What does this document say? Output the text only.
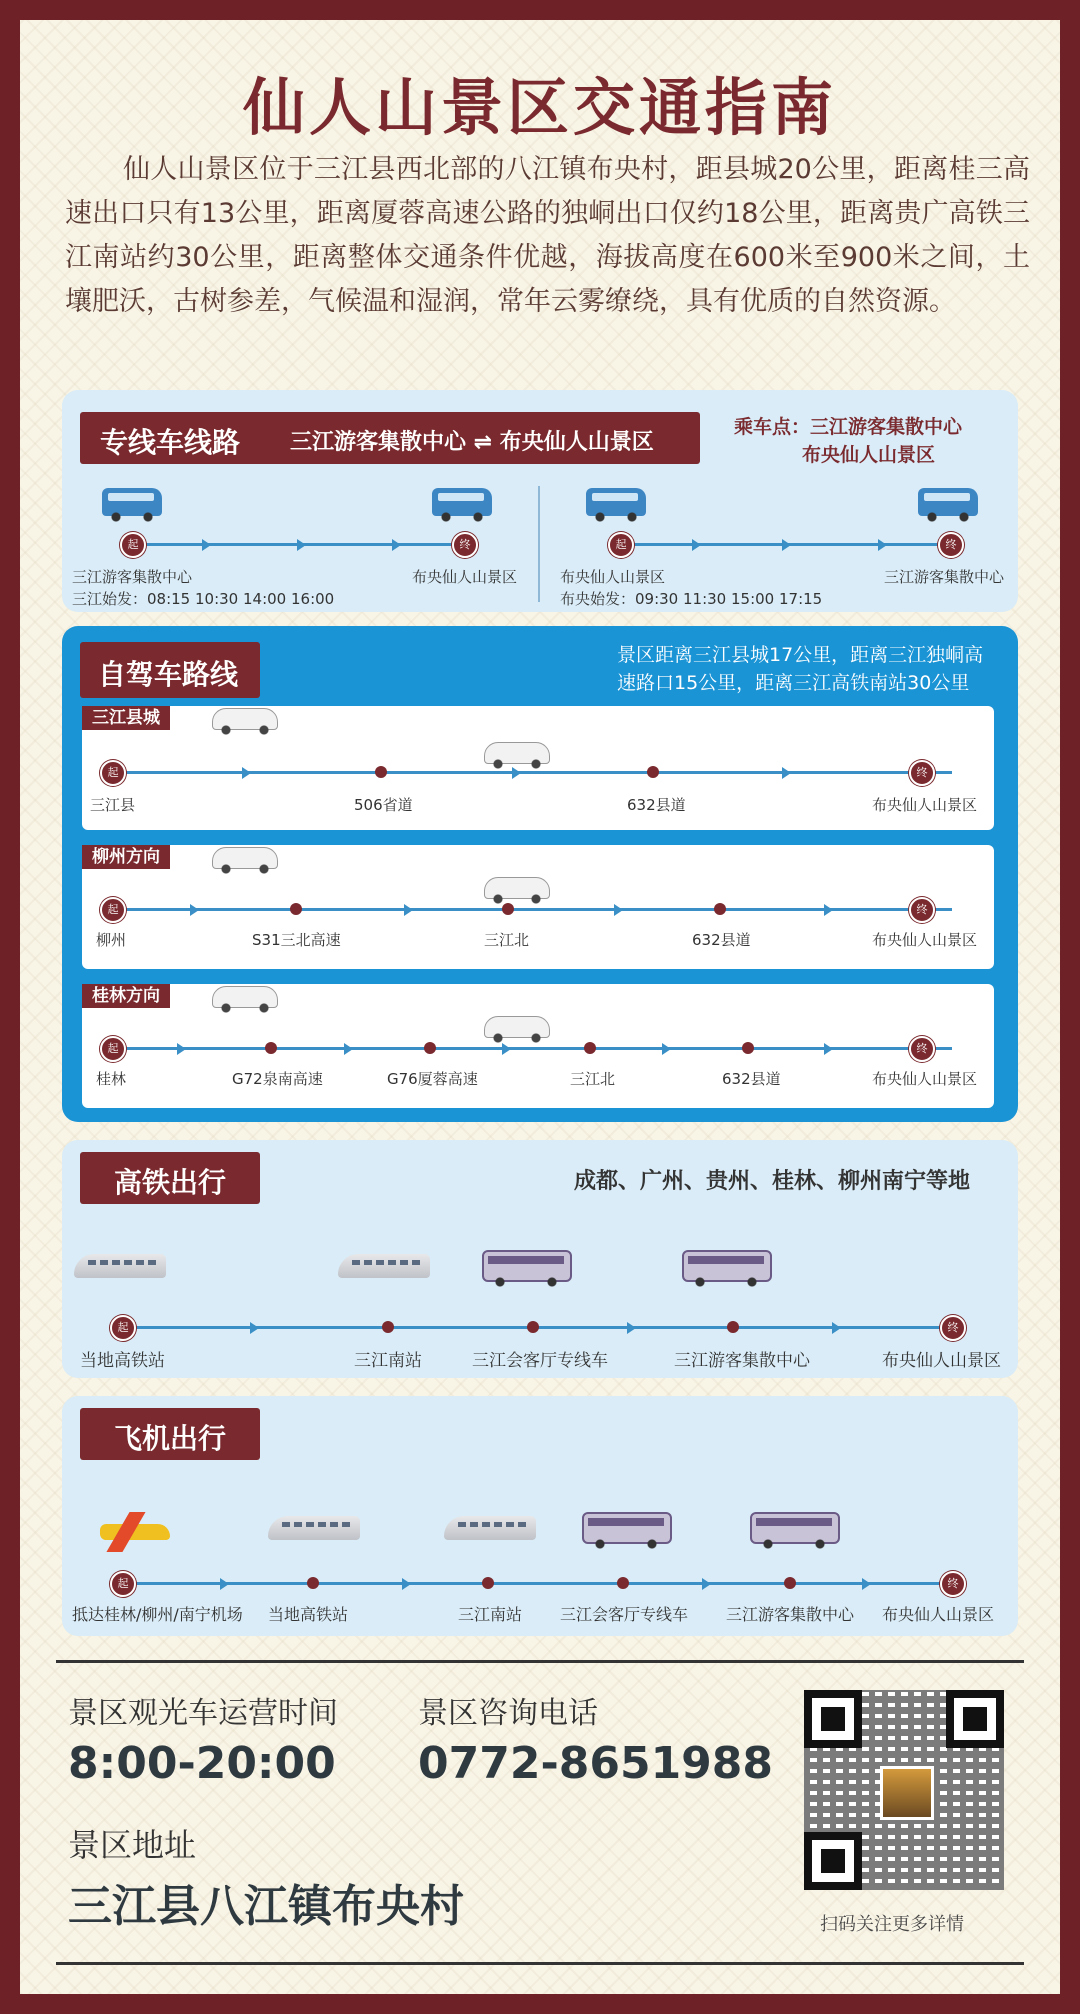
仙人山景区交通指南
仙人山景区位于三江县西北部的八江镇布央村，距县城20公里，距离桂三高速出口只有13公里，距离厦蓉高速公路的独峒出口仅约18公里，距离贵广高铁三江南站约30公里，距离整体交通条件优越，海拔高度在600米至900米之间，土壤肥沃，古树参差，气候温和湿润，常年云雾缭绕，具有优质的自然资源。
专线车线路 三江游客集散中心 ⇌ 布央仙人山景区
乘车点：三江游客集散中心
布央仙人山景区
起	终
三江游客集散中心	布央仙人山景区
三江始发：08:15 10:30 14:00 16:00
起	终
布央仙人山景区	三江游客集散中心
布央始发：09:30 11:30 15:00 17:15
自驾车路线
景区距离三江县城17公里，距离三江独峒高
速路口15公里，距离三江高铁南站30公里
三江县城
起	终
三江县	506省道	632县道	布央仙人山景区
柳州方向
起	终
柳州	S31三北高速	三江北	632县道	布央仙人山景区
桂林方向
起	终
桂林	G72泉南高速	G76厦蓉高速	三江北	632县道	布央仙人山景区
高铁出行	成都、广州、贵州、桂林、柳州南宁等地
起	终
当地高铁站	三江南站	三江会客厅专线车	三江游客集散中心	布央仙人山景区
飞机出行
起	终
抵达桂林/柳州/南宁机场 当地高铁站	三江南站 三江会客厅专线车 三江游客集散中心 布央仙人山景区
景区观光车运营时间
8:00-20:00
景区咨询电话
0772-8651988
景区地址
三江县八江镇布央村	扫码关注更多详情
